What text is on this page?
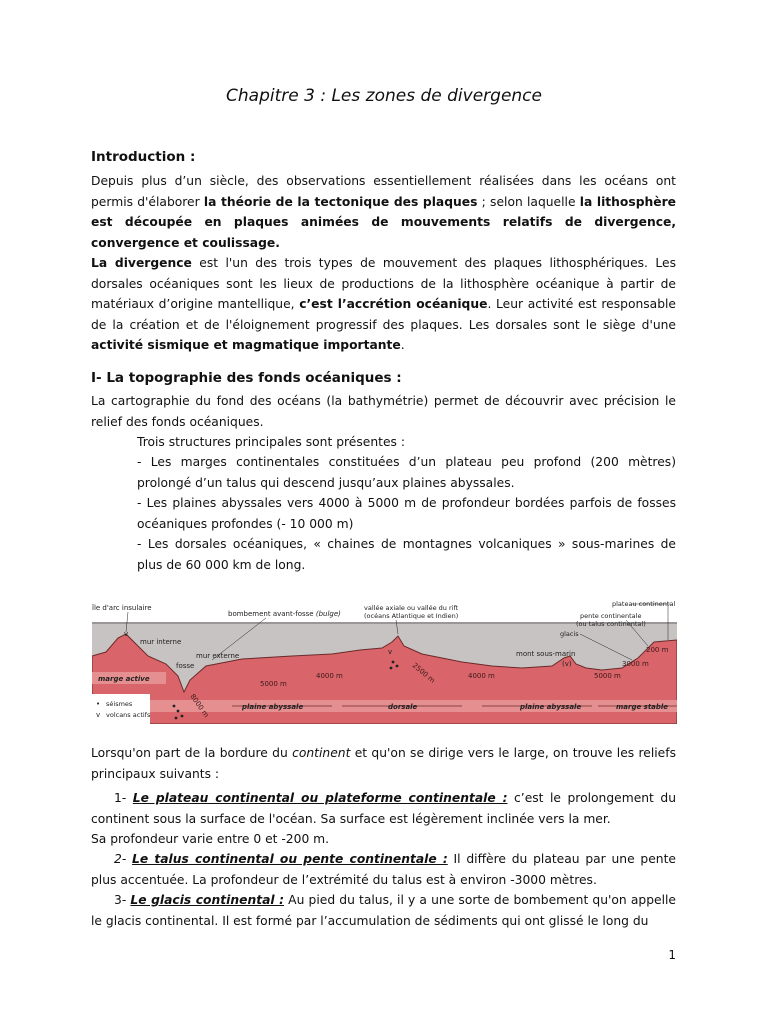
Chapitre 3 : Les zones de divergence
Introduction :
Depuis plus d’un siècle, des observations essentiellement réalisées dans les océans ont permis d'élaborer la théorie de la tectonique des plaques ; selon laquelle la lithosphère est découpée en plaques animées de mouvements relatifs de divergence, convergence et coulissage.
La divergence est l'un des trois types de mouvement des plaques lithosphériques. Les dorsales océaniques sont les lieux de productions de la lithosphère océanique à partir de matériaux d’origine mantellique, c’est l’accrétion océanique. Leur activité est responsable de la création et de l'éloignement progressif des plaques. Les dorsales sont le siège d'une activité sismique et magmatique importante.
I- La topographie des fonds océaniques :
La cartographie du fond des océans (la bathymétrie) permet de découvrir avec précision le relief des fonds océaniques.
Trois structures principales sont présentes :
- Les marges continentales constituées d’un plateau peu profond (200 mètres) prolongé d’un talus qui descend jusqu’aux plaines abyssales.
- Les plaines abyssales vers 4000 à 5000 m de profondeur bordées parfois de fosses océaniques profondes (- 10 000 m)
- Les dorsales océaniques, « chaines de montagnes volcaniques » sous-marines de plus de 60 000 km de long.
île d'arc insulaire
bombement avant-fosse (bulge)
vallée axiale ou vallée du rift
(océans Atlantique et Indien)
plateau continental
pente continentale
(ou talus continental)
glacis
v
mur interne
mur externe
fosse
v	mont sous-marin
(v)
5000 m
4000 m	2500 m	4000 m	5000 m
3000 m
200 m
8000 m
marge active
plaine abyssale	dorsale	plaine abyssale	marge stable
• séismes
v volcans actifs
Lorsqu'on part de la bordure du continent et qu'on se dirige vers le large, on trouve les reliefs principaux suivants :
1- Le plateau continental ou plateforme continentale : c’est le prolongement du continent sous la surface de l'océan. Sa surface est légèrement inclinée vers la mer.
Sa profondeur varie entre 0 et -200 m.
2- Le talus continental ou pente continentale : Il diffère du plateau par une pente plus accentuée. La profondeur de l’extrémité du talus est à environ -3000 mètres.
3- Le glacis continental : Au pied du talus, il y a une sorte de bombement qu'on appelle le glacis continental. Il est formé par l’accumulation de sédiments qui ont glissé le long du
1
